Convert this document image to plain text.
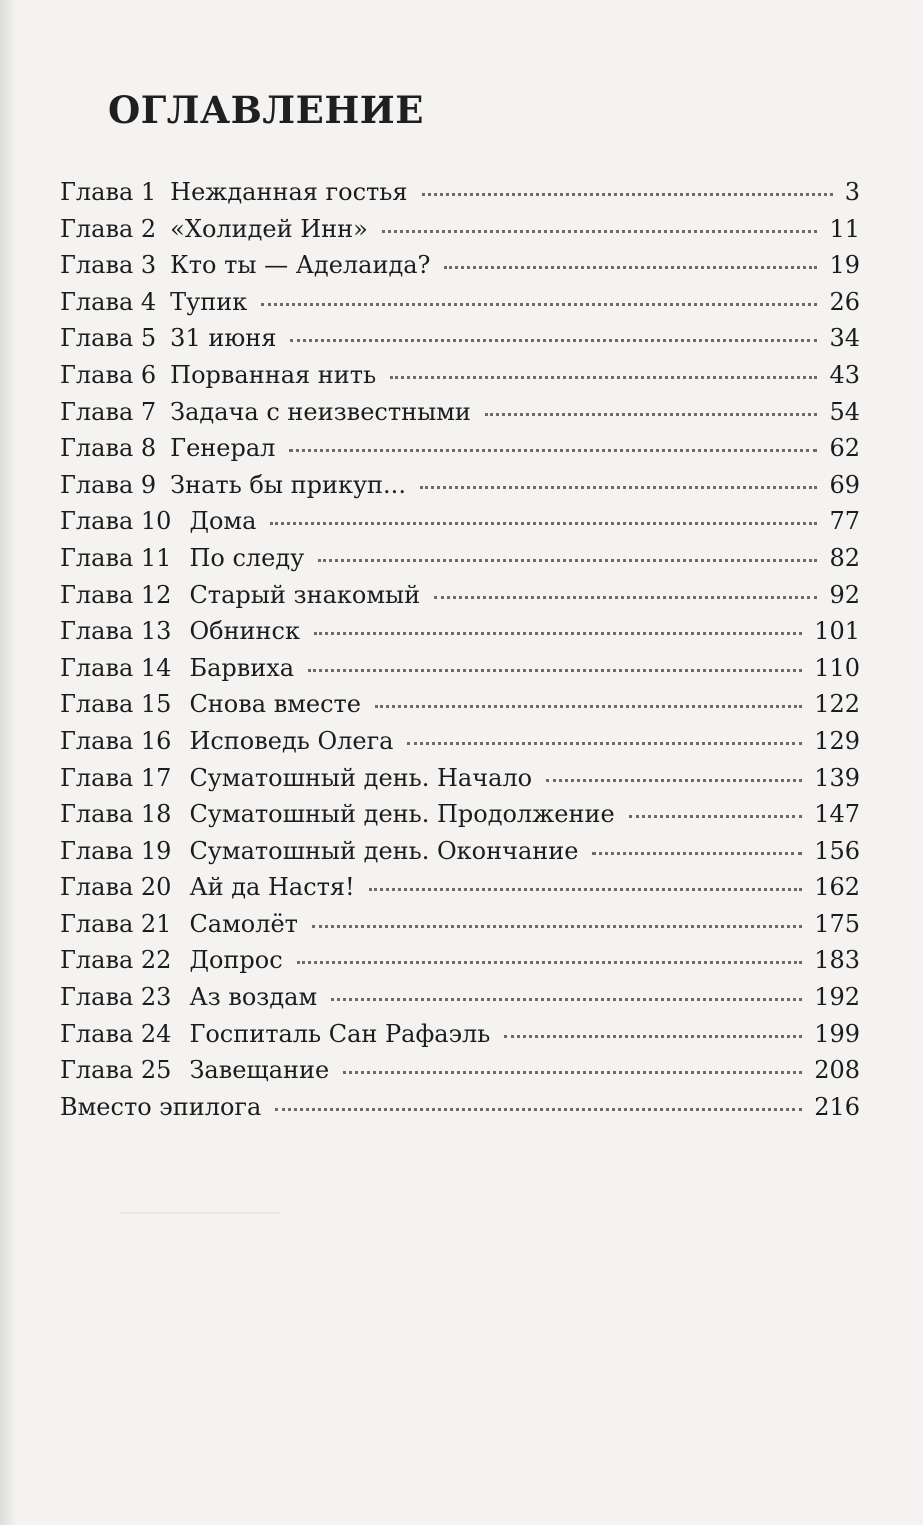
ОГЛАВЛЕНИЕ
Глава 1 Нежданная гостья	3
Глава 2 «Холидей Инн»	11
Глава 3 Кто ты — Аделаида?	19
Глава 4 Тупик	26
Глава 5 31 июня	34
Глава 6 Порванная нить	43
Глава 7 Задача с неизвестными	54
Глава 8 Генерал	62
Глава 9 Знать бы прикуп...	69
Глава 10 Дома	77
Глава 11 По следу	82
Глава 12 Старый знакомый	92
Глава 13 Обнинск	101
Глава 14 Барвиха	110
Глава 15 Снова вместе	122
Глава 16 Исповедь Олега	129
Глава 17 Суматошный день. Начало	139
Глава 18 Суматошный день. Продолжение	147
Глава 19 Суматошный день. Окончание	156
Глава 20 Ай да Настя!	162
Глава 21 Самолёт	175
Глава 22 Допрос	183
Глава 23 Аз воздам	192
Глава 24 Госпиталь Сан Рафаэль	199
Глава 25 Завещание	208
Вместо эпилога	216
